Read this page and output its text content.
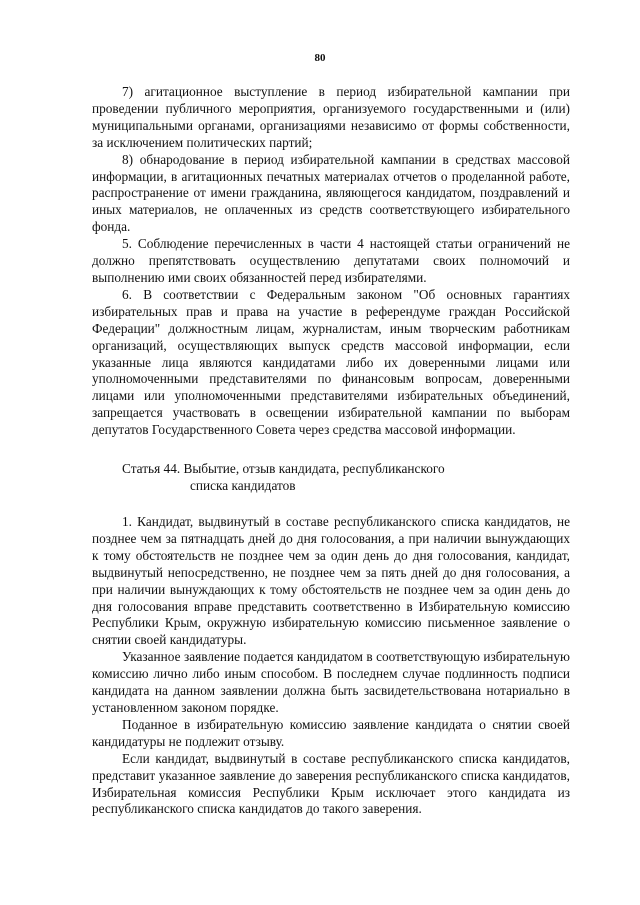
80

7) агитационное выступление в период избирательной кампании при проведении публичного мероприятия, организуемого государственными и (или) муниципальными органами, организациями независимо от формы собственности, за исключением политических партий;

8) обнародование в период избирательной кампании в средствах массовой информации, в агитационных печатных материалах отчетов о проделанной работе, распространение от имени гражданина, являющегося кандидатом, поздравлений и иных материалов, не оплаченных из средств соответствующего избирательного фонда.

5. Соблюдение перечисленных в части 4 настоящей статьи ограничений не должно препятствовать осуществлению депутатами своих полномочий и выполнению ими своих обязанностей перед избирателями.

6. В соответствии с Федеральным законом "Об основных гарантиях избирательных прав и права на участие в референдуме граждан Российской Федерации" должностным лицам, журналистам, иным творческим работникам организаций, осуществляющих выпуск средств массовой информации, если указанные лица являются кандидатами либо их доверенными лицами или уполномоченными представителями по финансовым вопросам, доверенными лицами или уполномоченными представителями избирательных объединений, запрещается участвовать в освещении избирательной кампании по выборам депутатов Государственного Совета через средства массовой информации.

Статья 44. Выбытие, отзыв кандидата, республиканского
списка кандидатов

1. Кандидат, выдвинутый в составе республиканского списка кандидатов, не позднее чем за пятнадцать дней до дня голосования, а при наличии вынуждающих к тому обстоятельств не позднее чем за один день до дня голосования, кандидат, выдвинутый непосредственно, не позднее чем за пять дней до дня голосования, а при наличии вынуждающих к тому обстоятельств не позднее чем за один день до дня голосования вправе представить соответственно в Избирательную комиссию Республики Крым, окружную избирательную комиссию письменное заявление о снятии своей кандидатуры.

Указанное заявление подается кандидатом в соответствующую избирательную комиссию лично либо иным способом. В последнем случае подлинность подписи кандидата на данном заявлении должна быть засвидетельствована нотариально в установленном законом порядке.

Поданное в избирательную комиссию заявление кандидата о снятии своей кандидатуры не подлежит отзыву.

Если кандидат, выдвинутый в составе республиканского списка кандидатов, представит указанное заявление до заверения республиканского списка кандидатов, Избирательная комиссия Республики Крым исключает этого кандидата из республиканского списка кандидатов до такого заверения.
